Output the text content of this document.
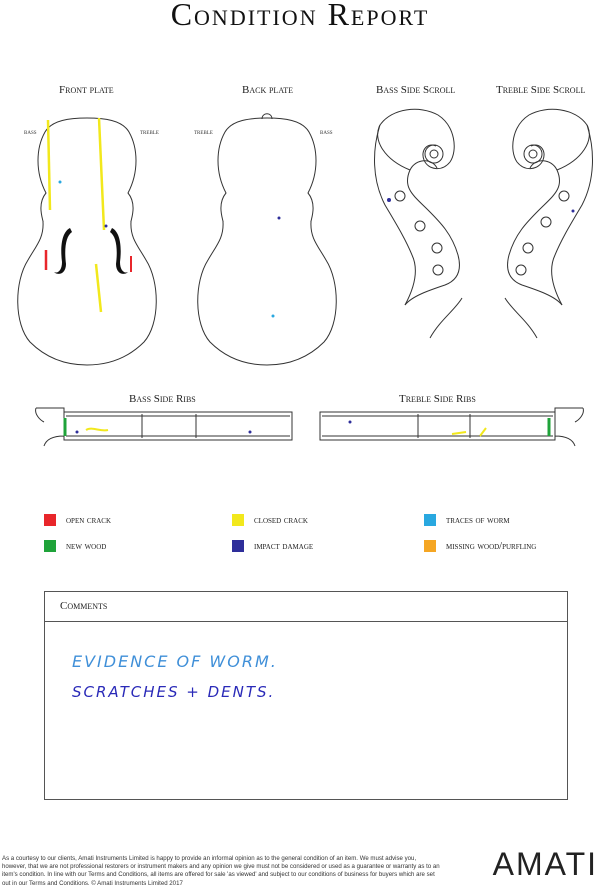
Condition Report
Front plate	Back plate	Bass Side Scroll	Treble Side Scroll
Bass Side Ribs	Treble Side Ribs
bass	treble	treble	bass
open crack	closed crack	traces of worm
new wood	impact damage	missing wood/purfling
Comments
EVIDENCE OF WORM.
SCRATCHES + DENTS.
As a courtesy to our clients, Amati Instruments Limited is happy to provide an informal opinion as to the general condition of an item. We must advise you, however, that we are not professional restorers or instrument makers and any opinion we give must not be considered or used as a guarantee or warranty as to an item's condition. In line with our Terms and Conditions, all items are offered for sale 'as viewed' and subject to our conditions of business for buyers which are set out in our Terms and Conditions. © Amati Instruments Limited 2017
AMATI
